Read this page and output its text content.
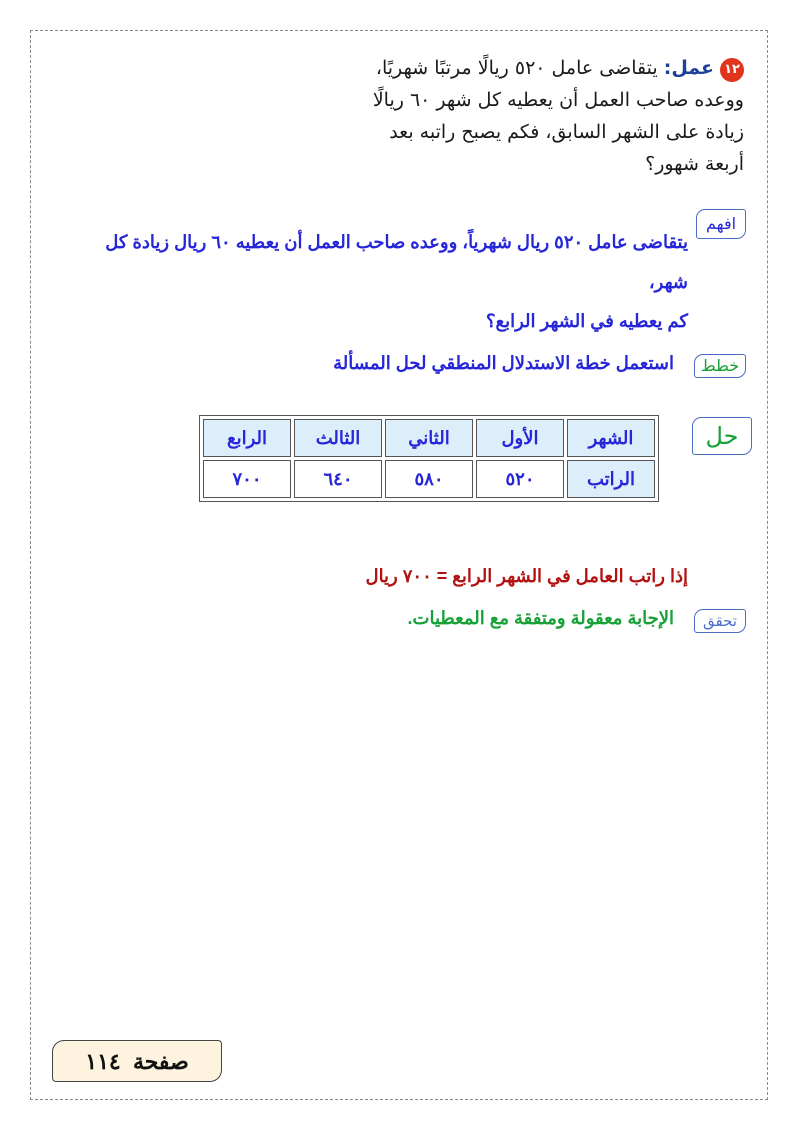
١٢عمل: يتقاضى عامل ٥٢٠ ريالًا مرتبًا شهريًا،
ووعده صاحب العمل أن يعطيه كل شهر ٦٠ ريالًا
زيادة على الشهر السابق، فكم يصبح راتبه بعد
أربعة شهور؟
افهم
يتقاضى عامل ٥٢٠ ريال شهرياً، ووعده صاحب العمل أن يعطيه ٦٠ ريال زيادة كل
شهر،
كم يعطيه في الشهر الرابع؟
خطط
استعمل خطة الاستدلال المنطقي لحل المسألة
حل
الشهر	الأول	الثاني	الثالث	الرابع
الراتب	٥٢٠	٥٨٠	٦٤٠	٧٠٠
إذا راتب العامل في الشهر الرابع = ٧٠٠ ريال
تحقق
الإجابة معقولة ومتفقة مع المعطيات.
صفحة  ١١٤
